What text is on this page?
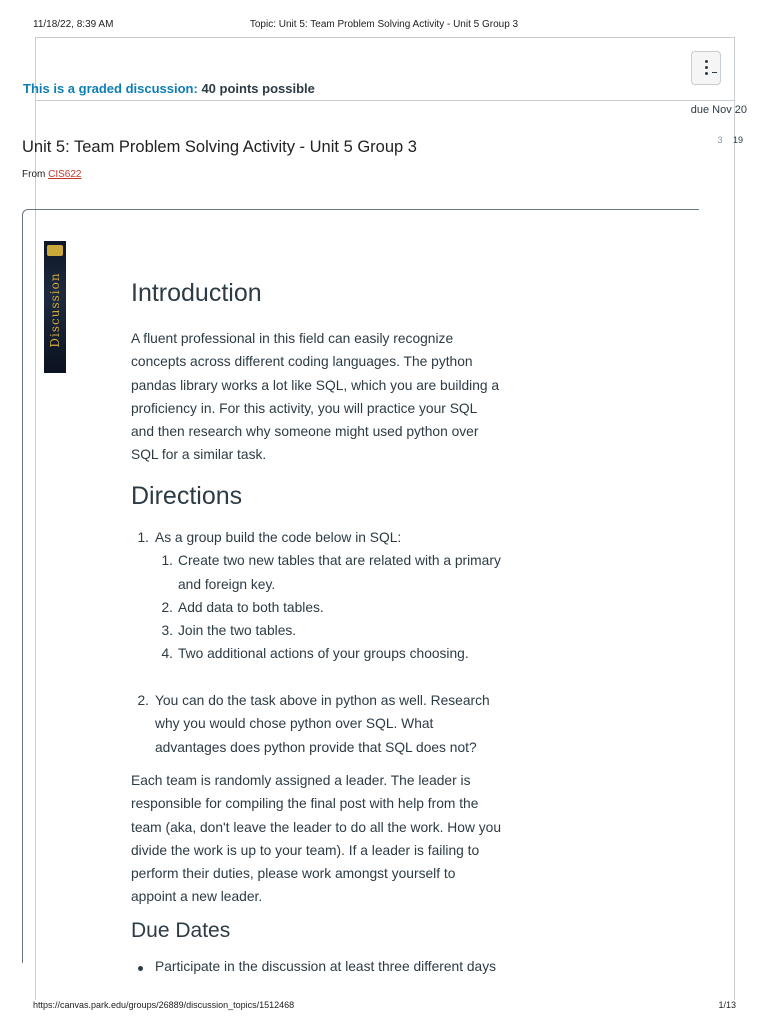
11/18/22, 8:39 AM	Topic: Unit 5: Team Problem Solving Activity - Unit 5 Group 3
This is a graded discussion: 40 points possible
due Nov 20
3 19
Unit 5: Team Problem Solving Activity - Unit 5 Group 3
From CIS622
Discussion	Introduction
A fluent professional in this field can easily recognize
concepts across different coding languages. The python
pandas library works a lot like SQL, which you are building a
proficiency in. For this activity, you will practice your SQL
and then research why someone might used python over
SQL for a similar task.
Directions
1. As a group build the code below in SQL:
1. Create two new tables that are related with a primary
and foreign key.
2. Add data to both tables.
3. Join the two tables.
4. Two additional actions of your groups choosing.
2. You can do the task above in python as well. Research
why you would chose python over SQL. What
advantages does python provide that SQL does not?
Each team is randomly assigned a leader. The leader is
responsible for compiling the final post with help from the
team (aka, don't leave the leader to do all the work. How you
divide the work is up to your team). If a leader is failing to
perform their duties, please work amongst yourself to
appoint a new leader.
Due Dates
Participate in the discussion at least three different days
https://canvas.park.edu/groups/26889/discussion_topics/1512468	1/13
